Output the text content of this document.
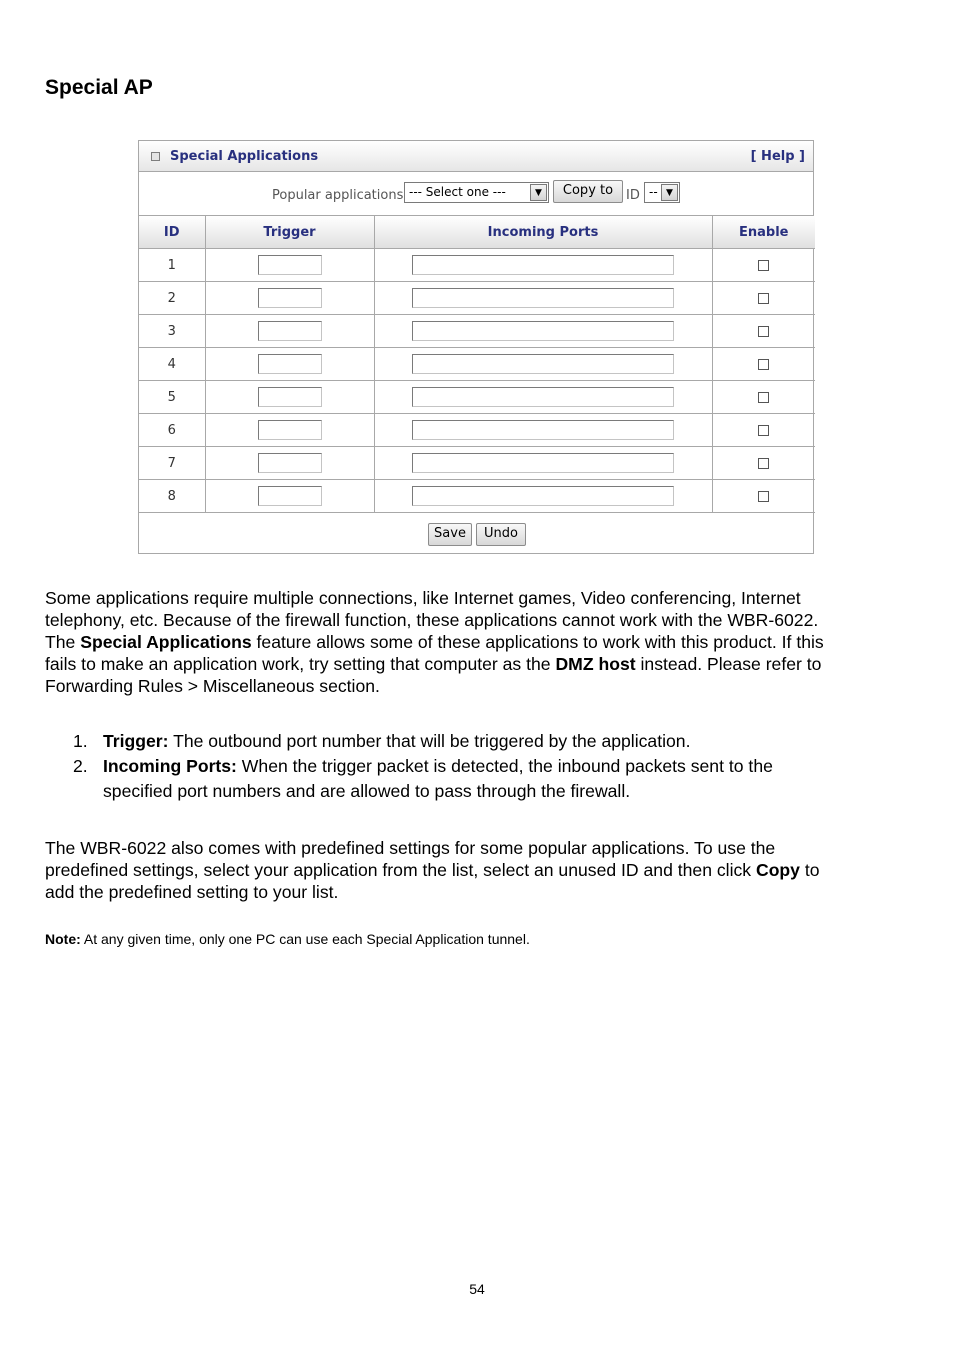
Special AP
Special Applications	[ Help ]
Popular applications --- Select one ---	▼	Copy to ID -- ▼
ID	Trigger	Incoming Ports	Enable
1			
2			
3			
4			
5			
6			
7			
8			
Save	Undo
Some applications require multiple connections, like Internet games, Video conferencing, Internet
telephony, etc. Because of the firewall function, these applications cannot work with the WBR-6022.
The Special Applications feature allows some of these applications to work with this product. If this
fails to make an application work, try setting that computer as the DMZ host instead. Please refer to
Forwarding Rules > Miscellaneous section.
1. Trigger: The outbound port number that will be triggered by the application.
2. Incoming Ports: When the trigger packet is detected, the inbound packets sent to the
specified port numbers and are allowed to pass through the firewall.
The WBR-6022 also comes with predefined settings for some popular applications. To use the
predefined settings, select your application from the list, select an unused ID and then click Copy to
add the predefined setting to your list.

Note: At any given time, only one PC can use each Special Application tunnel.

54
